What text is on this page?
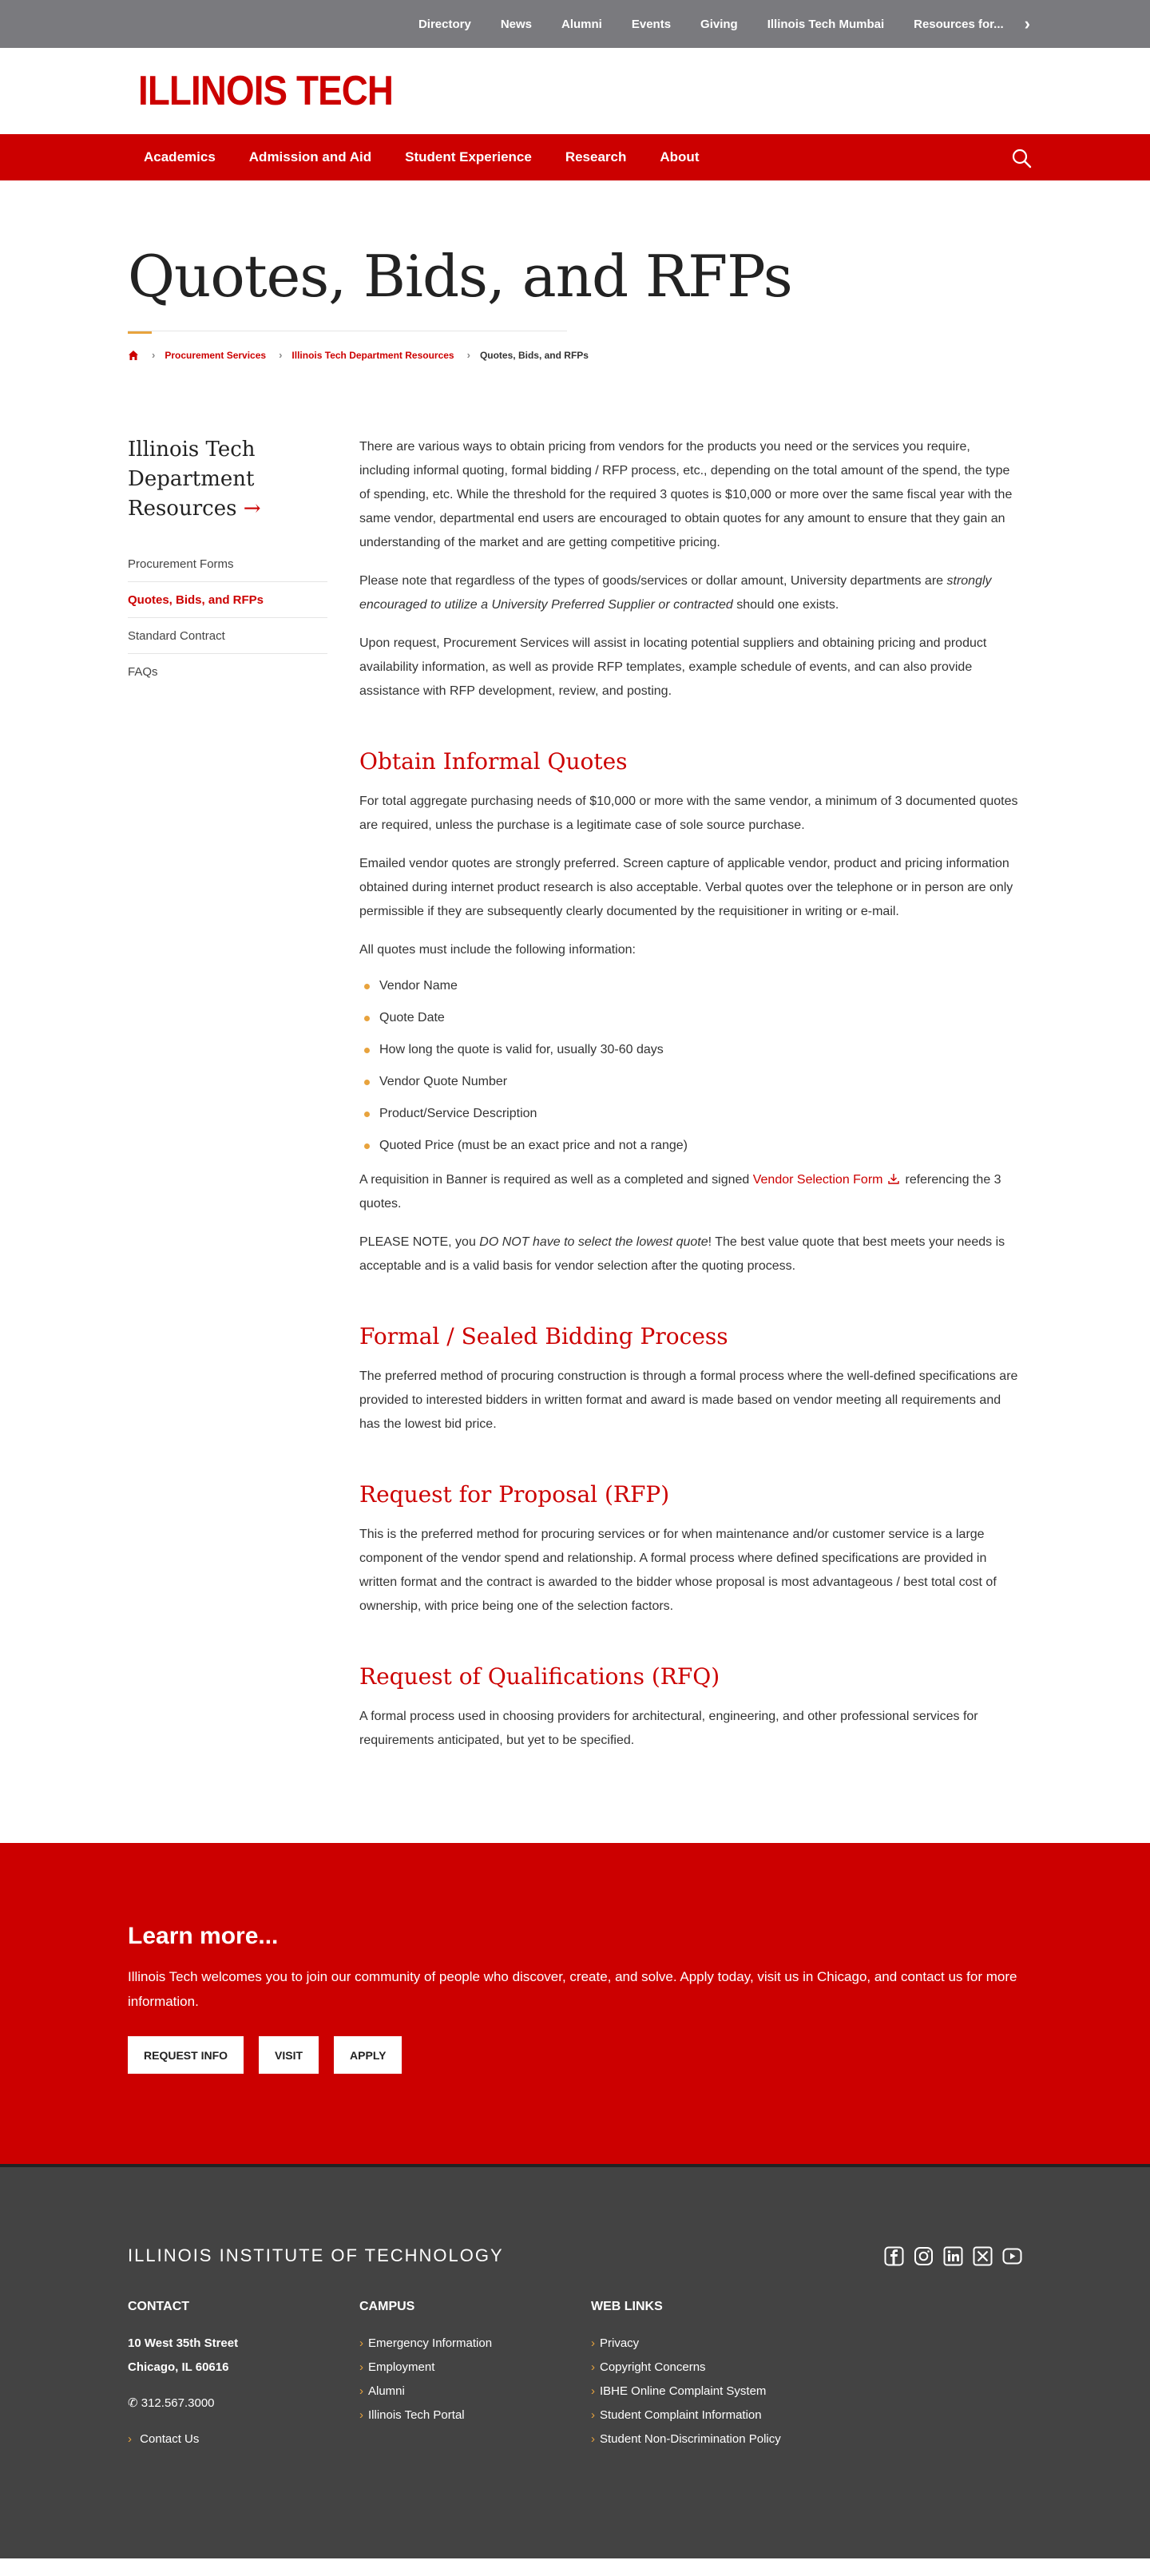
Directory News Alumni Events Giving Illinois Tech Mumbai Resources for... ›
ILLINOIS TECH
Academics Admission and Aid Student Experience Research About
Quotes, Bids, and RFPs
› Procurement Services › Illinois Tech Department Resources › Quotes, Bids, and RFPs
Illinois Tech Department Resources →
Procurement Forms
Quotes, Bids, and RFPs
Standard Contract
FAQs

There are various ways to obtain pricing from vendors for the products you need or the services you require, including informal quoting, formal bidding / RFP process, etc., depending on the total amount of the spend, the type of spending, etc. While the threshold for the required 3 quotes is $10,000 or more over the same fiscal year with the same vendor, departmental end users are encouraged to obtain quotes for any amount to ensure that they gain an understanding of the market and are getting competitive pricing.

Please note that regardless of the types of goods/services or dollar amount, University departments are strongly encouraged to utilize a University Preferred Supplier or contracted should one exists.

Upon request, Procurement Services will assist in locating potential suppliers and obtaining pricing and product availability information, as well as provide RFP templates, example schedule of events, and can also provide assistance with RFP development, review, and posting.

Obtain Informal Quotes

For total aggregate purchasing needs of $10,000 or more with the same vendor, a minimum of 3 documented quotes are required, unless the purchase is a legitimate case of sole source purchase.

Emailed vendor quotes are strongly preferred. Screen capture of applicable vendor, product and pricing information obtained during internet product research is also acceptable. Verbal quotes over the telephone or in person are only permissible if they are subsequently clearly documented by the requisitioner in writing or e-mail.

All quotes must include the following information:

Vendor Name
Quote Date
How long the quote is valid for, usually 30-60 days
Vendor Quote Number
Product/Service Description
Quoted Price (must be an exact price and not a range)

A requisition in Banner is required as well as a completed and signed Vendor Selection Form referencing the 3 quotes.

PLEASE NOTE, you DO NOT have to select the lowest quote! The best value quote that best meets your needs is acceptable and is a valid basis for vendor selection after the quoting process.

Formal / Sealed Bidding Process

The preferred method of procuring construction is through a formal process where the well-defined specifications are provided to interested bidders in written format and award is made based on vendor meeting all requirements and has the lowest bid price.

Request for Proposal (RFP)

This is the preferred method for procuring services or for when maintenance and/or customer service is a large component of the vendor spend and relationship. A formal process where defined specifications are provided in written format and the contract is awarded to the bidder whose proposal is most advantageous / best total cost of ownership, with price being one of the selection factors.

Request of Qualifications (RFQ)

A formal process used in choosing providers for architectural, engineering, and other professional services for requirements anticipated, but yet to be specified.

Learn more...

Illinois Tech welcomes you to join our community of people who discover, create, and solve. Apply today, visit us in Chicago, and contact us for more information.

REQUEST INFO	VISIT	APPLY
ILLINOIS INSTITUTE OF TECHNOLOGY
CONTACT
10 West 35th Street
Chicago, IL 60616
✆ 312.567.3000
› Contact Us
CAMPUS
› Emergency Information
› Employment
› Alumni
› Illinois Tech Portal
WEB LINKS
› Privacy
› Copyright Concerns
› IBHE Online Complaint System
› Student Complaint Information
› Student Non-Discrimination Policy
